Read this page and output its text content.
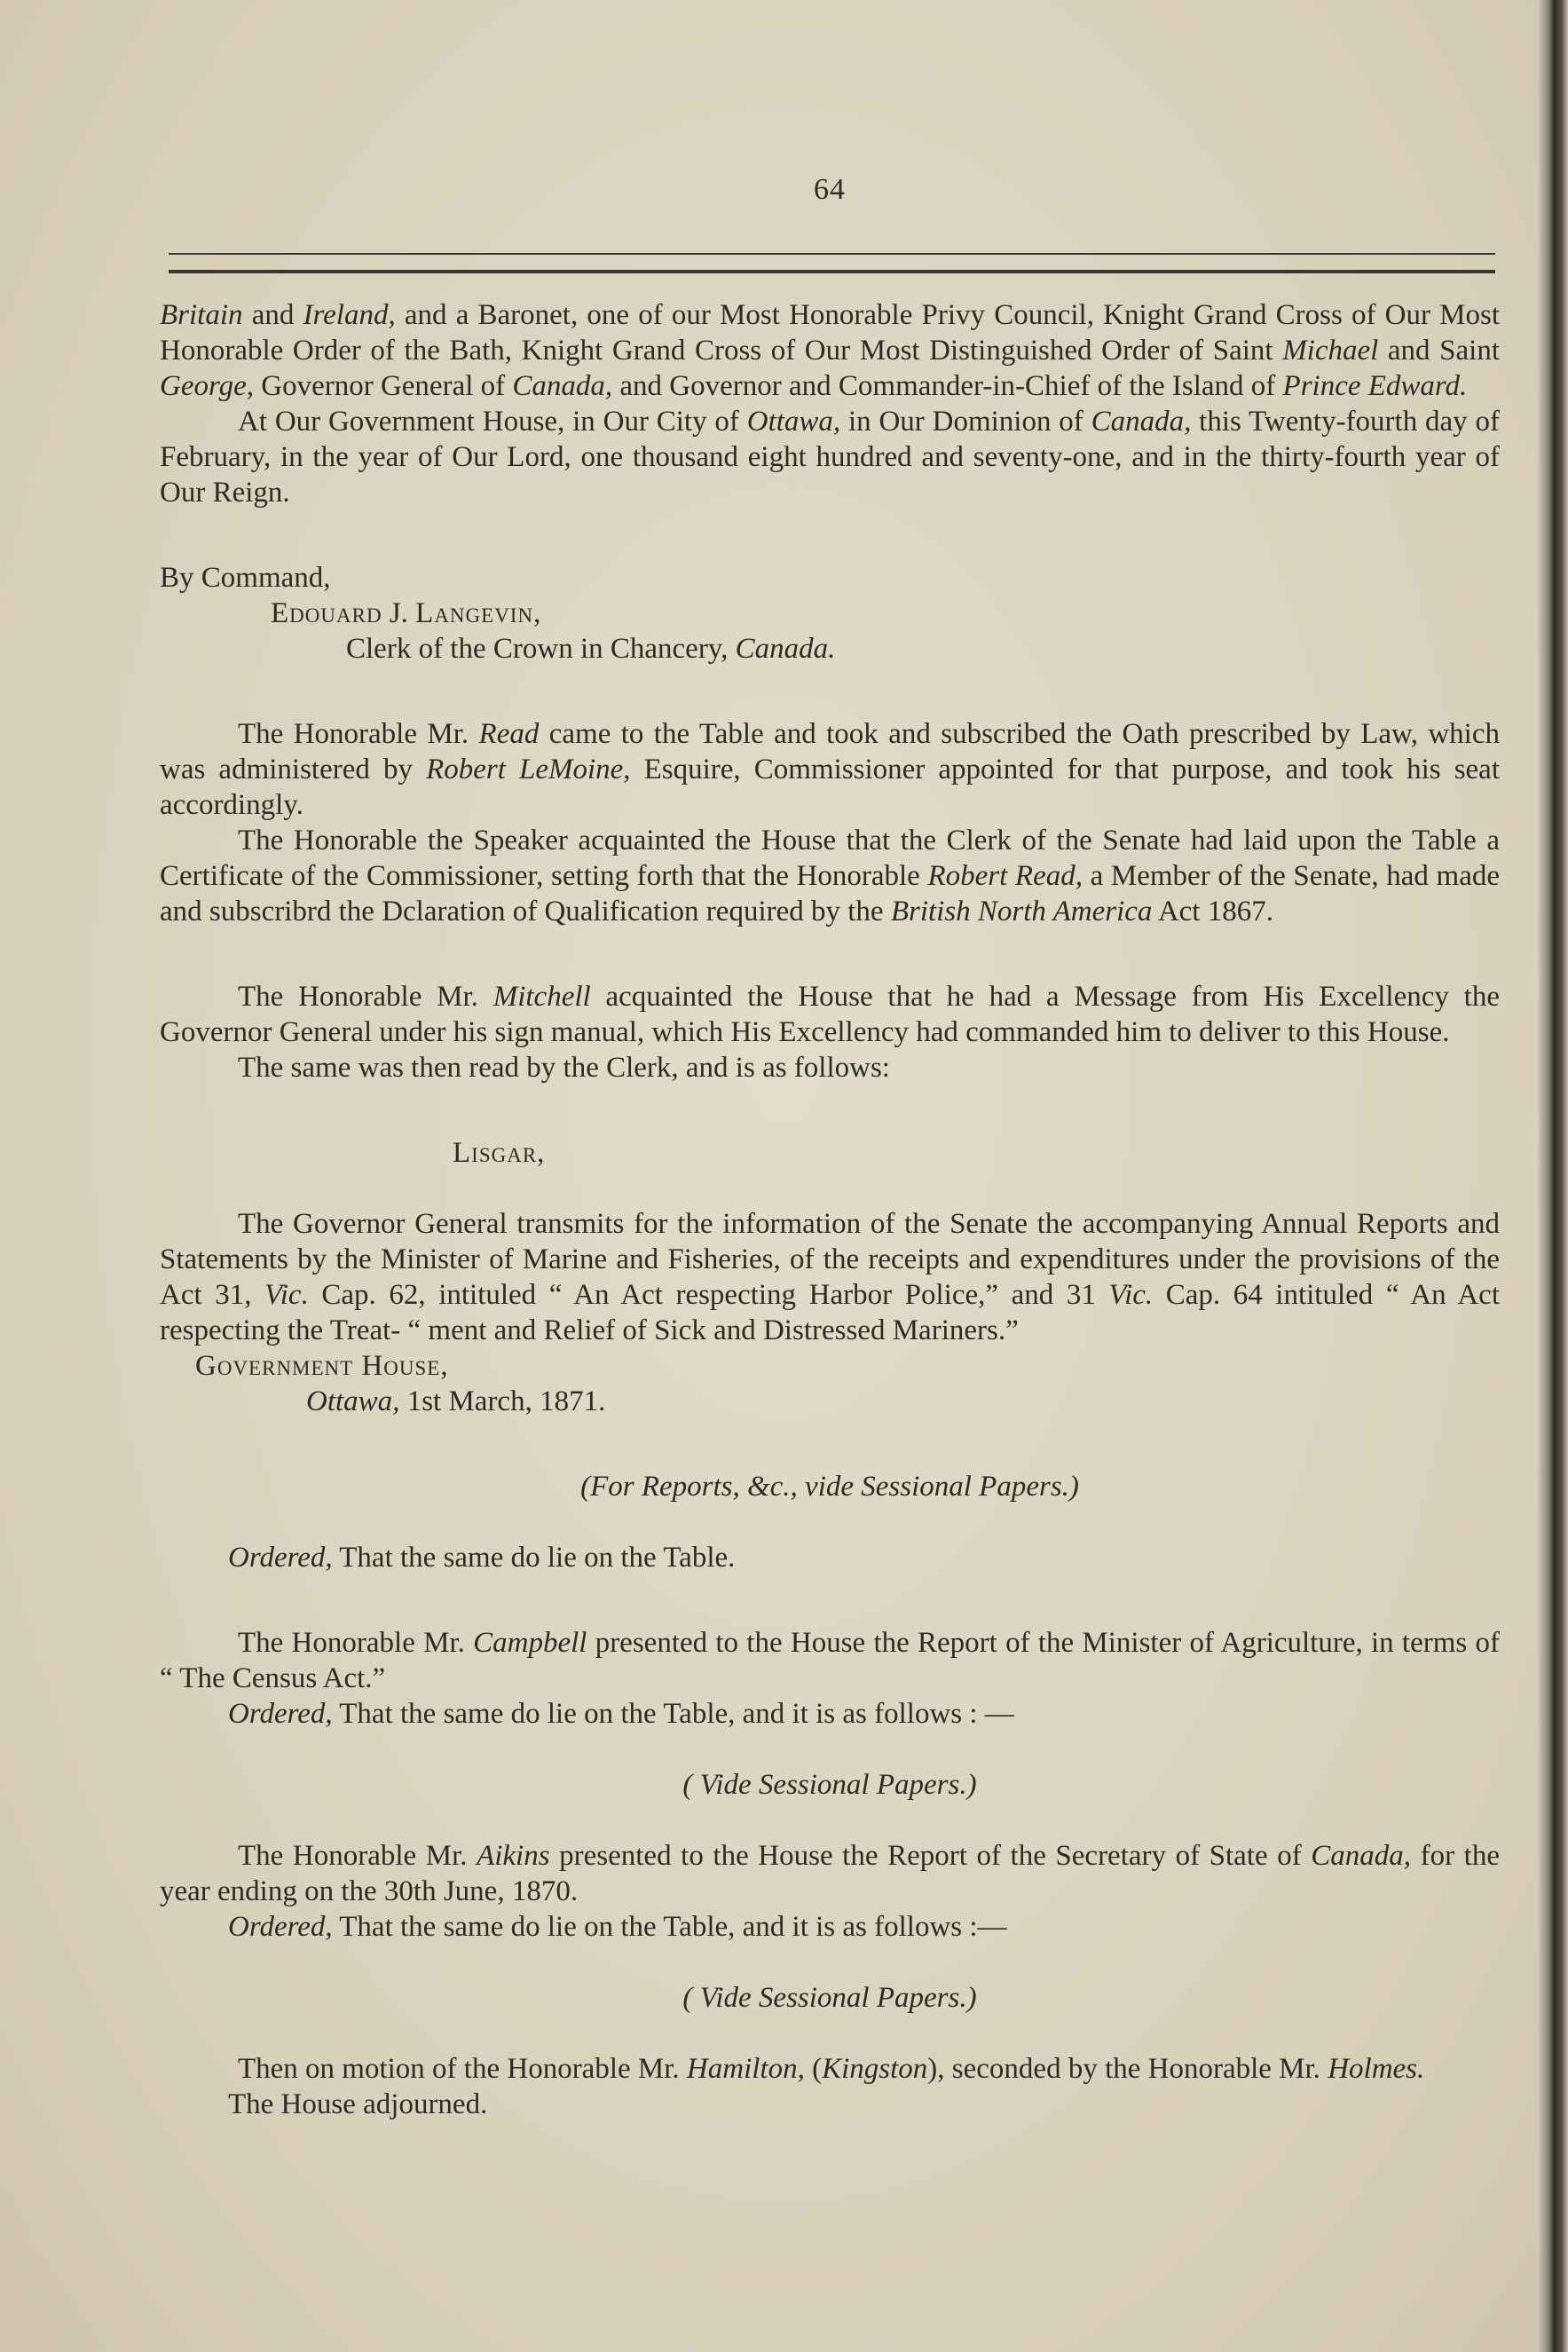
64

Britain and Ireland, and a Baronet, one of our Most Honorable Privy Council, Knight Grand Cross of Our Most Honorable Order of the Bath, Knight Grand Cross of Our Most Distinguished Order of Saint Michael and Saint George, Governor General of Canada, and Governor and Commander-in-Chief of the Island of Prince Edward.

At Our Government House, in Our City of Ottawa, in Our Dominion of Canada, this Twenty-fourth day of February, in the year of Our Lord, one thousand eight hundred and seventy-one, and in the thirty-fourth year of Our Reign.

By Command,

Edouard J. Langevin,

Clerk of the Crown in Chancery, Canada.

The Honorable Mr. Read came to the Table and took and subscribed the Oath prescribed by Law, which was administered by Robert LeMoine, Esquire, Commissioner appointed for that purpose, and took his seat accordingly.

The Honorable the Speaker acquainted the House that the Clerk of the Senate had laid upon the Table a Certificate of the Commissioner, setting forth that the Honorable Robert Read, a Member of the Senate, had made and subscribrd the Dclaration of Qualification required by the British North America Act 1867.

The Honorable Mr. Mitchell acquainted the House that he had a Message from His Excellency the Governor General under his sign manual, which His Excellency had commanded him to deliver to this House.

The same was then read by the Clerk, and is as follows:

Lisgar,

The Governor General transmits for the information of the Senate the accompanying Annual Reports and Statements by the Minister of Marine and Fisheries, of the receipts and expenditures under the provisions of the Act 31, Vic. Cap. 62, intituled “ An Act respecting Harbor Police,” and 31 Vic. Cap. 64 intituled “ An Act respecting the Treat- “ ment and Relief of Sick and Distressed Mariners.”

Government House,

Ottawa, 1st March, 1871.

(For Reports, &c., vide Sessional Papers.)

Ordered, That the same do lie on the Table.

The Honorable Mr. Campbell presented to the House the Report of the Minister of Agriculture, in terms of “ The Census Act.”

Ordered, That the same do lie on the Table, and it is as follows : —

( Vide Sessional Papers.)

The Honorable Mr. Aikins presented to the House the Report of the Secretary of State of Canada, for the year ending on the 30th June, 1870.

Ordered, That the same do lie on the Table, and it is as follows :—

( Vide Sessional Papers.)

Then on motion of the Honorable Mr. Hamilton, (Kingston), seconded by the Honorable Mr. Holmes.

The House adjourned.
